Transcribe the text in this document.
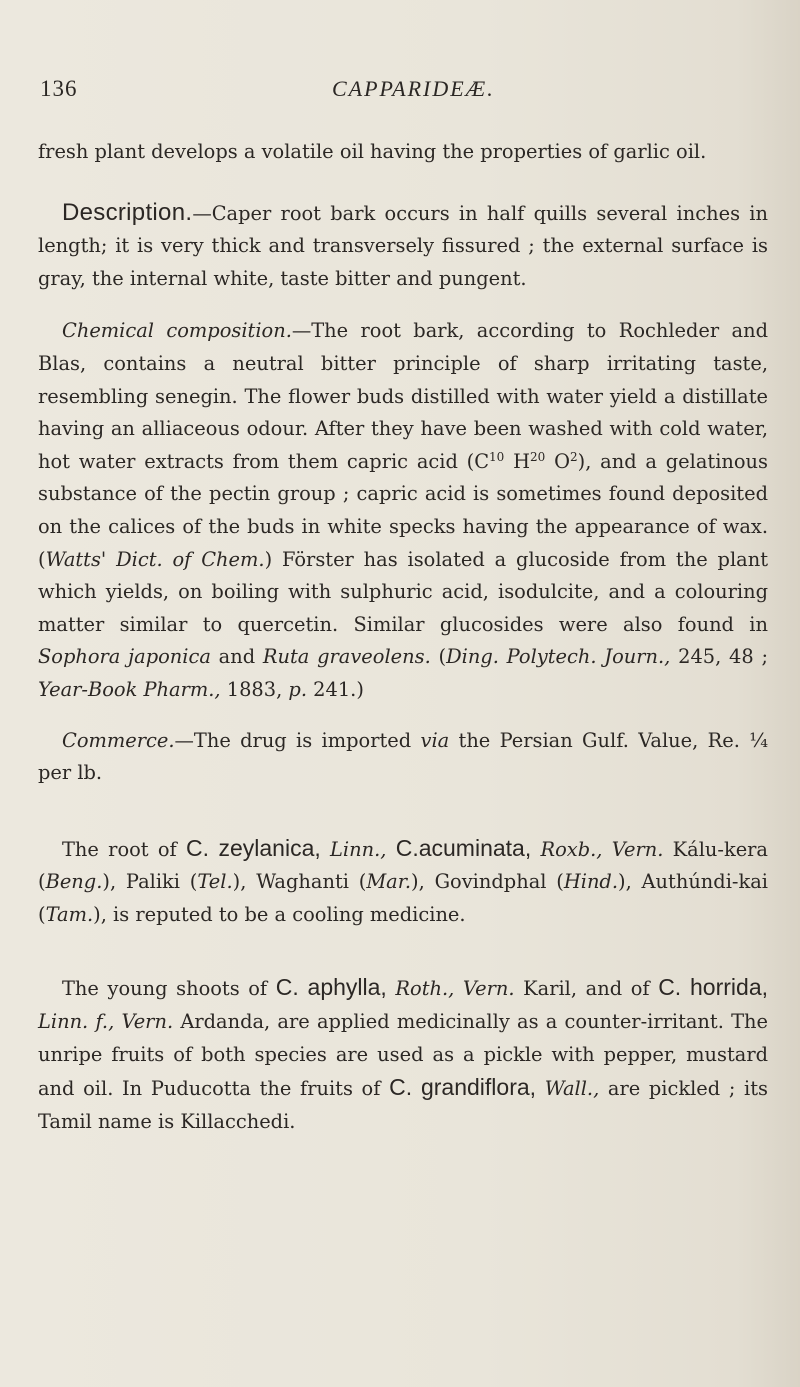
136	CAPPARIDEÆ.

fresh plant develops a volatile oil having the properties of garlic oil.

Description.—Caper root bark occurs in half quills several inches in length; it is very thick and transversely fissured ; the external surface is gray, the internal white, taste bitter and pungent.

Chemical composition.—The root bark, according to Rochleder and Blas, contains a neutral bitter principle of sharp irritating taste, resembling senegin. The flower buds distilled with water yield a distillate having an alliaceous odour. After they have been washed with cold water, hot water extracts from them capric acid ($C^{10}$ $H^{20}$ $O^2$), and a gelatinous substance of the pectin group ; capric acid is sometimes found deposited on the calices of the buds in white specks having the appearance of wax. (Watts' Dict. of Chem.) Förster has isolated a glucoside from the plant which yields, on boiling with sulphuric acid, isodulcite, and a colouring matter similar to quercetin. Similar glucosides were also found in Sophora japonica and Ruta graveolens. (Ding. Polytech. Journ., 245, 48 ; Year-Book Pharm., 1883, p. 241.)

Commerce.—The drug is imported via the Persian Gulf. Value, Re. ¼ per lb.

The root of C. zeylanica, Linn., C.acuminata, Roxb., Vern. Kálu-kera (Beng.), Paliki (Tel.), Waghanti (Mar.), Govindphal (Hind.), Authúndi-kai (Tam.), is reputed to be a cooling medicine.

The young shoots of C. aphylla, Roth., Vern. Karil, and of C. horrida, Linn. f., Vern. Ardanda, are applied medicinally as a counter-irritant. The unripe fruits of both species are used as a pickle with pepper, mustard and oil. In Puducotta the fruits of C. grandiflora, Wall., are pickled ; its Tamil name is Killacchedi.
